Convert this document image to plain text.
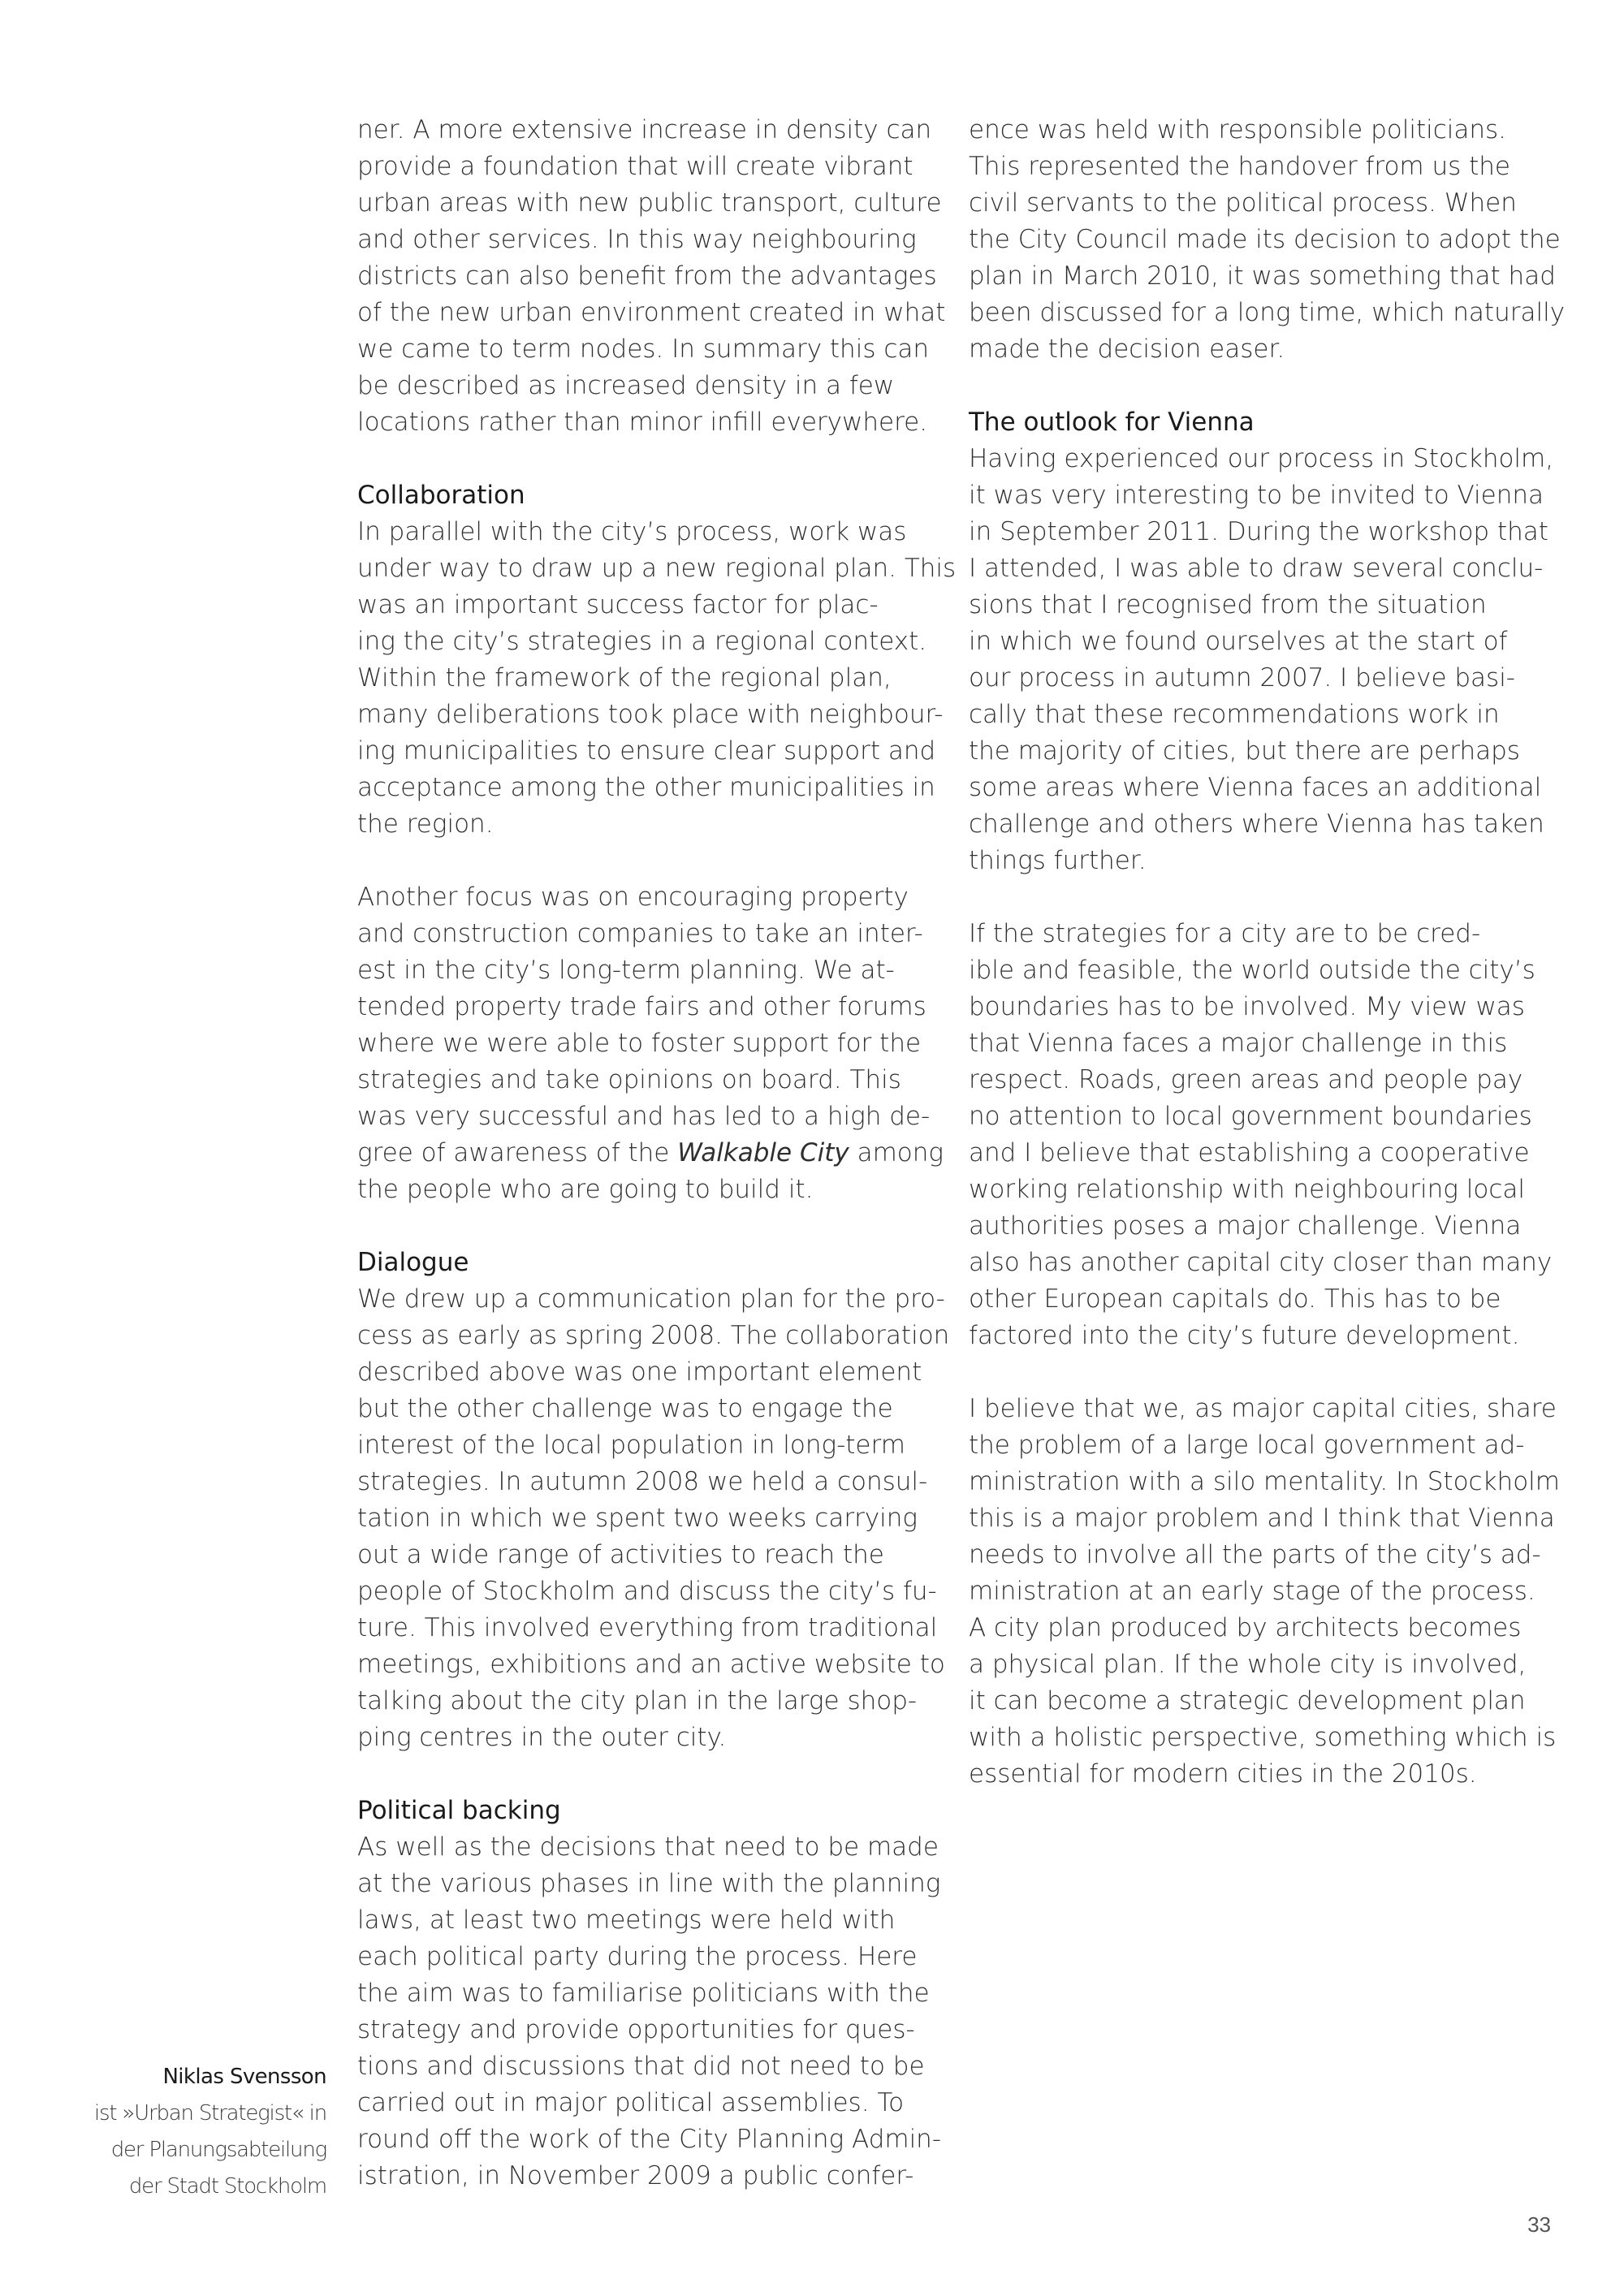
ner. A more extensive increase in density can
provide a foundation that will create vibrant
urban areas with new public transport, culture
and other services. In this way neighbouring
districts can also benefit from the advantages
of the new urban environment created in what
we came to term nodes. In summary this can
be described as increased density in a few
locations rather than minor infill everywhere.
Collaboration
In parallel with the city’s process, work was
under way to draw up a new regional plan. This
was an important success factor for plac-
ing the city’s strategies in a regional context.
Within the framework of the regional plan,
many deliberations took place with neighbour-
ing municipalities to ensure clear support and
acceptance among the other municipalities in
the region.
Another focus was on encouraging property
and construction companies to take an inter-
est in the city’s long-term planning. We at-
tended property trade fairs and other forums
where we were able to foster support for the
strategies and take opinions on board. This
was very successful and has led to a high de-
gree of awareness of the Walkable City among
the people who are going to build it.
Dialogue
We drew up a communication plan for the pro-
cess as early as spring 2008. The collaboration
described above was one important element
but the other challenge was to engage the
interest of the local population in long-term
strategies. In autumn 2008 we held a consul-
tation in which we spent two weeks carrying
out a wide range of activities to reach the
people of Stockholm and discuss the city’s fu-
ture. This involved everything from traditional
meetings, exhibitions and an active website to
talking about the city plan in the large shop-
ping centres in the outer city.
Political backing
As well as the decisions that need to be made
at the various phases in line with the planning
laws, at least two meetings were held with
each political party during the process. Here
the aim was to familiarise politicians with the
strategy and provide opportunities for ques-
tions and discussions that did not need to be
carried out in major political assemblies. To
round off the work of the City Planning Admin-
istration, in November 2009 a public confer-
ence was held with responsible politicians.
This represented the handover from us the
civil servants to the political process. When
the City Council made its decision to adopt the
plan in March 2010, it was something that had
been discussed for a long time, which naturally
made the decision easer.
The outlook for Vienna
Having experienced our process in Stockholm,
it was very interesting to be invited to Vienna
in September 2011. During the workshop that
I attended, I was able to draw several conclu-
sions that I recognised from the situation
in which we found ourselves at the start of
our process in autumn 2007. I believe basi-
cally that these recommendations work in
the majority of cities, but there are perhaps
some areas where Vienna faces an additional
challenge and others where Vienna has taken
things further.
If the strategies for a city are to be cred-
ible and feasible, the world outside the city’s
boundaries has to be involved. My view was
that Vienna faces a major challenge in this
respect. Roads, green areas and people pay
no attention to local government boundaries
and I believe that establishing a cooperative
working relationship with neighbouring local
authorities poses a major challenge. Vienna
also has another capital city closer than many
other European capitals do. This has to be
factored into the city’s future development.
I believe that we, as major capital cities, share
the problem of a large local government ad-
ministration with a silo mentality. In Stockholm
this is a major problem and I think that Vienna
needs to involve all the parts of the city’s ad-
ministration at an early stage of the process.
A city plan produced by architects becomes
a physical plan. If the whole city is involved,
it can become a strategic development plan
with a holistic perspective, something which is
essential for modern cities in the 2010s.
Niklas Svensson
ist »Urban Strategist« in
der Planungsabteilung
der Stadt Stockholm
33
